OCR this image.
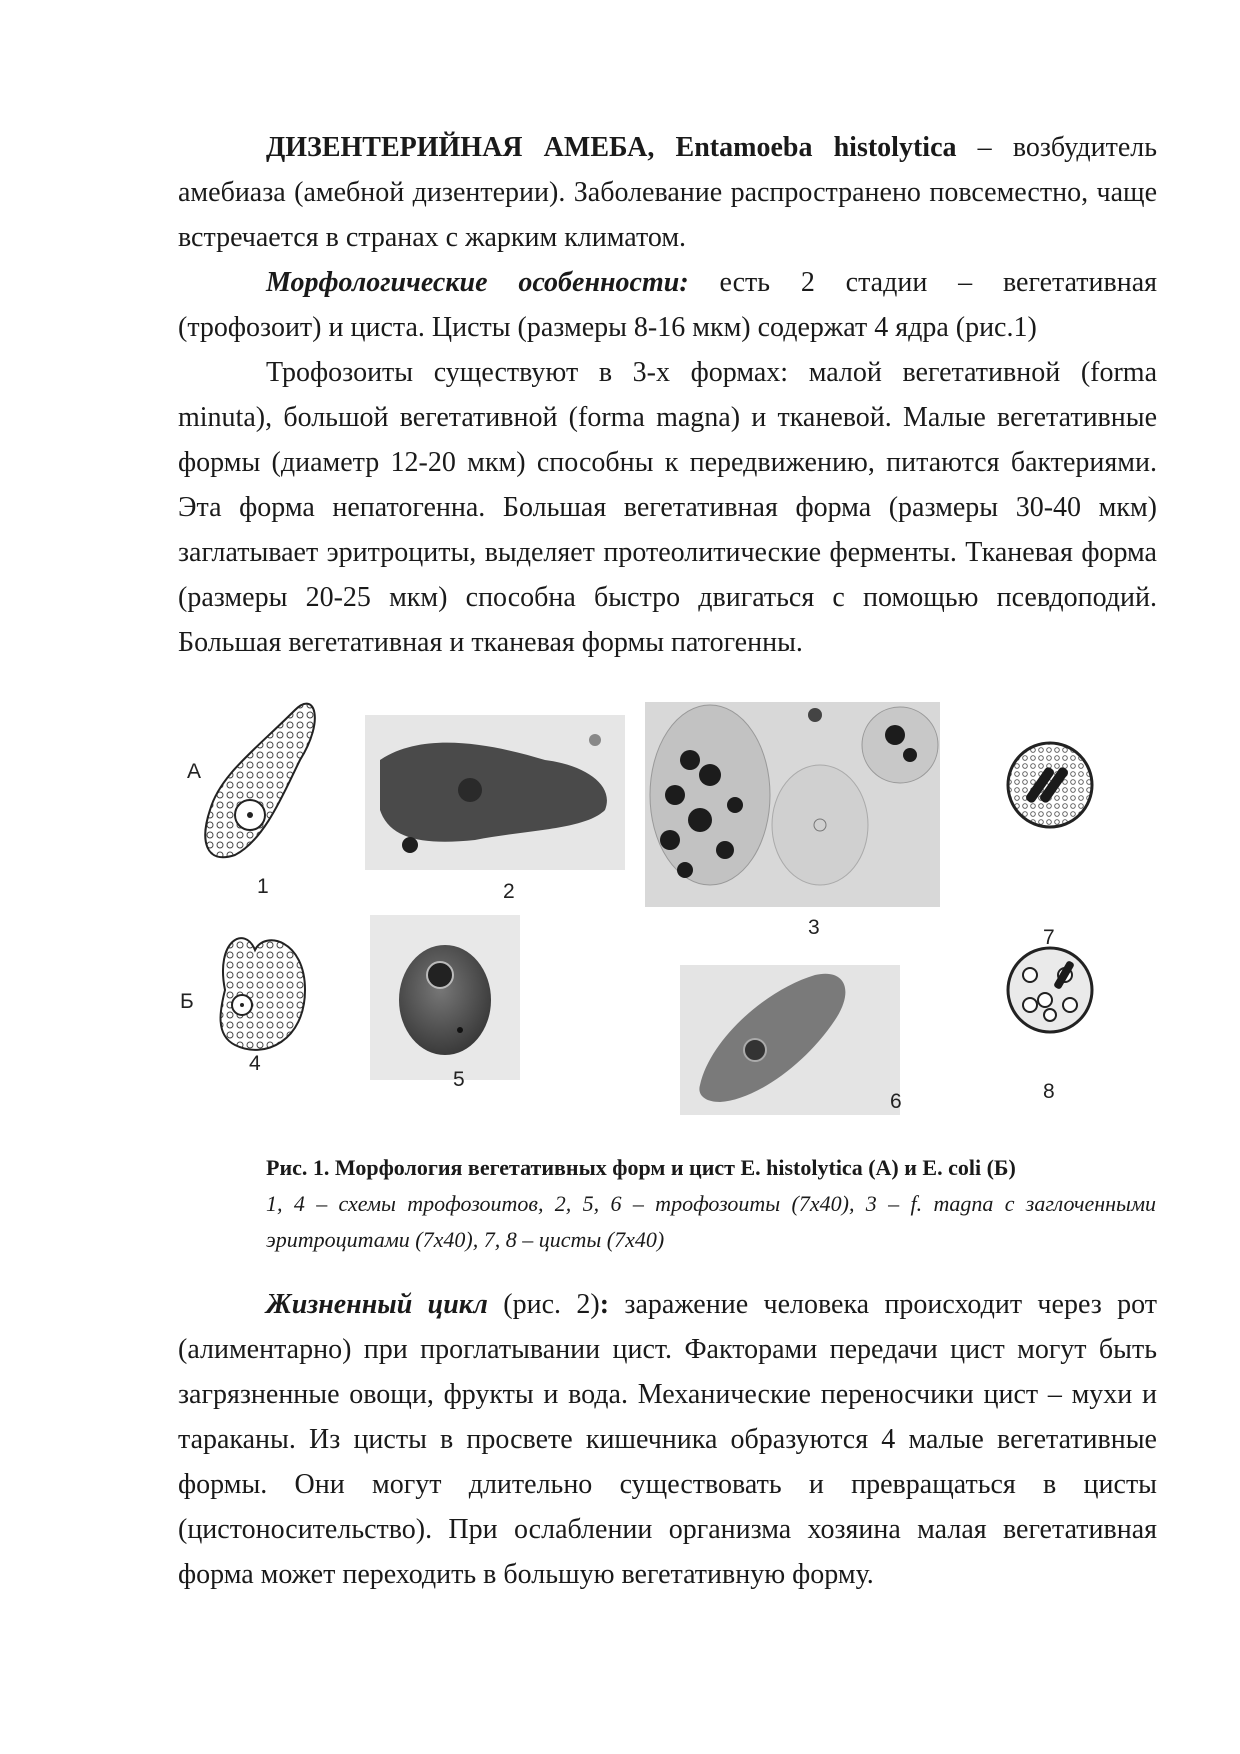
ДИЗЕНТЕРИЙНАЯ АМЕБА, Entamoeba histolytica – возбудитель амебиаза (амебной дизентерии). Заболевание распространено повсеместно, чаще встречается в странах с жарким климатом.

Морфологические особенности: есть 2 стадии – вегетативная (трофозоит) и циста. Цисты (размеры 8-16 мкм) содержат 4 ядра (рис.1)

Трофозоиты существуют в 3-х формах: малой вегетативной (forma minuta), большой вегетативной (forma magna) и тканевой. Малые вегетативные формы (диаметр 12-20 мкм) способны к передвижению, питаются бактериями. Эта форма непатогенна. Большая вегетативная форма (размеры 30-40 мкм) заглатывает эритроциты, выделяет протеолитические ферменты. Тканевая форма (размеры 20-25 мкм) способна быстро двигаться с помощью псевдоподий. Большая вегетативная и тканевая формы патогенны.

А
Б
1	2
3
4
5
6
7
8

Рис. 1. Морфология вегетативных форм и цист E. histolytica (А) и E. coli (Б)

1, 4 – схемы трофозоитов, 2, 5, 6 – трофозоиты (7x40), 3 – f. magna с заглоченными эритроцитами (7x40), 7, 8 – цисты (7x40)

Жизненный цикл (рис. 2): заражение человека происходит через рот (алиментарно) при проглатывании цист. Факторами передачи цист могут быть загрязненные овощи, фрукты и вода. Механические переносчики цист – мухи и тараканы. Из цисты в просвете кишечника образуются 4 малые вегетативные формы. Они могут длительно существовать и превращаться в цисты (цистоносительство). При ослаблении организма хозяина малая вегетативная форма может переходить в большую вегетативную форму.
